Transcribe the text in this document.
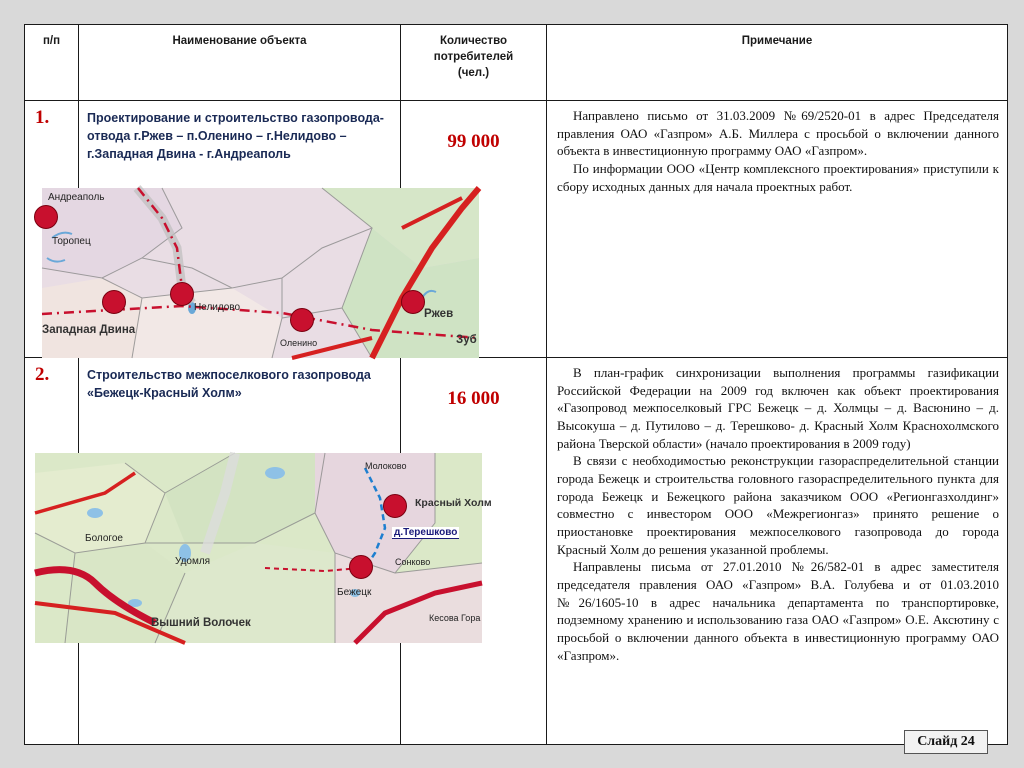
п/п	Наименование объекта	Количество
потребителей
(чел.)	Примечание
1.	Проектирование и строительство газопровода-отвода г.Ржев – п.Оленино – г.Нелидово – г.Западная Двина - г.Андреаполь	99 000	Направлено письмо от 31.03.2009 №69/2520-01 в адрес Председателя правления ОАО «Газпром» А.Б. Миллера с просьбой о включении данного объекта в инвестиционную программу ОАО «Газпром».

По информации ООО «Центр комплексного проектирования» приступили к сбору исходных данных для начала проектных работ.

2.	Строительство межпоселкового газопровода «Бежецк-Красный Холм»	16 000	В план-график синхронизации выполнения программы газификации Российской Федерации на 2009 год включен как объект проектирования «Газопровод межпоселковый ГРС Бежецк – д. Холмцы – д. Васюнино – д. Высокуша – д. Путилово – д. Терешково- д. Красный Холм Краснохолмского района Тверской области» (начало проектирования в 2009 году)

В связи с необходимостью реконструкции газораспределительной станции города Бежецк и строительства головного газораспределительного пункта для города Бежецк и Бежецкого района заказчиком ООО «Регионгазхолдинг» совместно с инвестором ООО «Межрегионгаз» принято решение о приостановке проектирования межпоселкового газопровода до города Красный Холм до решения указанной проблемы.

Направлены письма от 27.01.2010 №26/582-01 в адрес заместителя председателя правления ОАО «Газпром» В.А. Голубева и от 01.03.2010 №26/1605-10 в адрес начальника департамента по транспортировке, подземному хранению и использованию газа ОАО «Газпром» О.Е. Аксютину с просьбой о включении данного объекта в инвестиционную программу ОАО «Газпром».

Андреаполь
Торопец
Нелидово
Оленино
Ржев
Западная Двина
Зуб
Молоково
Красный Холм
Бологое
Удомля	Сонково
Бежецк
Вышний Волочек	Кесова Гора
д.Терешково
Слайд 24
